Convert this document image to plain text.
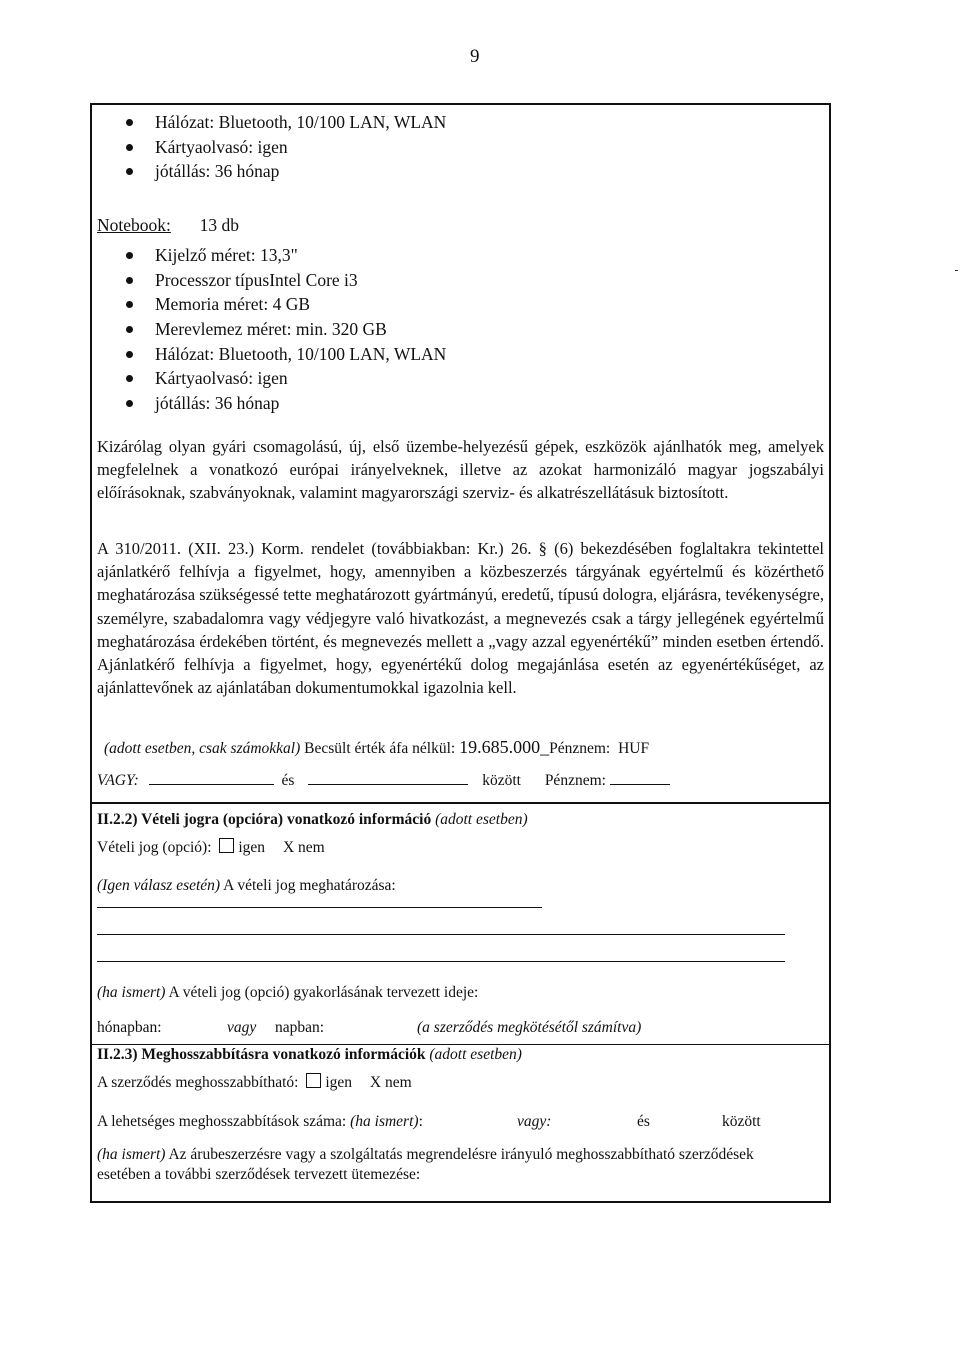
9
Hálózat: Bluetooth, 10/100 LAN, WLAN
Kártyaolvasó: igen
jótállás: 36 hónap
Notebook: 13 db
Kijelző méret: 13,3"
Processzor típusIntel Core i3
Memoria méret: 4 GB
Merevlemez méret: min. 320 GB
Hálózat: Bluetooth, 10/100 LAN, WLAN
Kártyaolvasó: igen
jótállás: 36 hónap
Kizárólag olyan gyári csomagolású, új, első üzembe-helyezésű gépek, eszközök ajánlhatók meg, amelyek megfelelnek a vonatkozó európai irányelveknek, illetve az azokat harmonizáló magyar jogszabályi előírásoknak, szabványoknak, valamint magyarországi szerviz- és alkatrészellátásuk biztosított.
A 310/2011. (XII. 23.) Korm. rendelet (továbbiakban: Kr.) 26. § (6) bekezdésében foglaltakra tekintettel ajánlatkérő felhívja a figyelmet, hogy, amennyiben a közbeszerzés tárgyának egyértelmű és közérthető meghatározása szükségessé tette meghatározott gyártmányú, eredetű, típusú dologra, eljárásra, tevékenységre, személyre, szabadalomra vagy védjegyre való hivatkozást, a megnevezés csak a tárgy jellegének egyértelmű meghatározása érdekében történt, és megnevezés mellett a „vagy azzal egyenértékű” minden esetben értendő. Ajánlatkérő felhívja a figyelmet, hogy, egyenértékű dolog megajánlása esetén az egyenértékűséget, az ajánlattevőnek az ajánlatában dokumentumokkal igazolnia kell.
(adott esetben, csak számokkal) Becsült érték áfa nélkül: 19.685.000_Pénznem: HUF
VAGY:	és	között Pénznem:
II.2.2) Vételi jogra (opcióra) vonatkozó információ (adott esetben)
Vételi jog (opció): igen X nem
(Igen válasz esetén) A vételi jog meghatározása:
(ha ismert) A vételi jog (opció) gyakorlásának tervezett ideje:
hónapban:	vagy napban:	(a szerződés megkötésétől számítva)
II.2.3) Meghosszabbításra vonatkozó információk (adott esetben)
A szerződés meghosszabbítható: igen X nem
A lehetséges meghosszabbítások száma: (ha ismert):	vagy:	és	között
(ha ismert) Az árubeszerzésre vagy a szolgáltatás megrendelésre irányuló meghosszabbítható szerződések esetében a további szerződések tervezett ütemezése:
